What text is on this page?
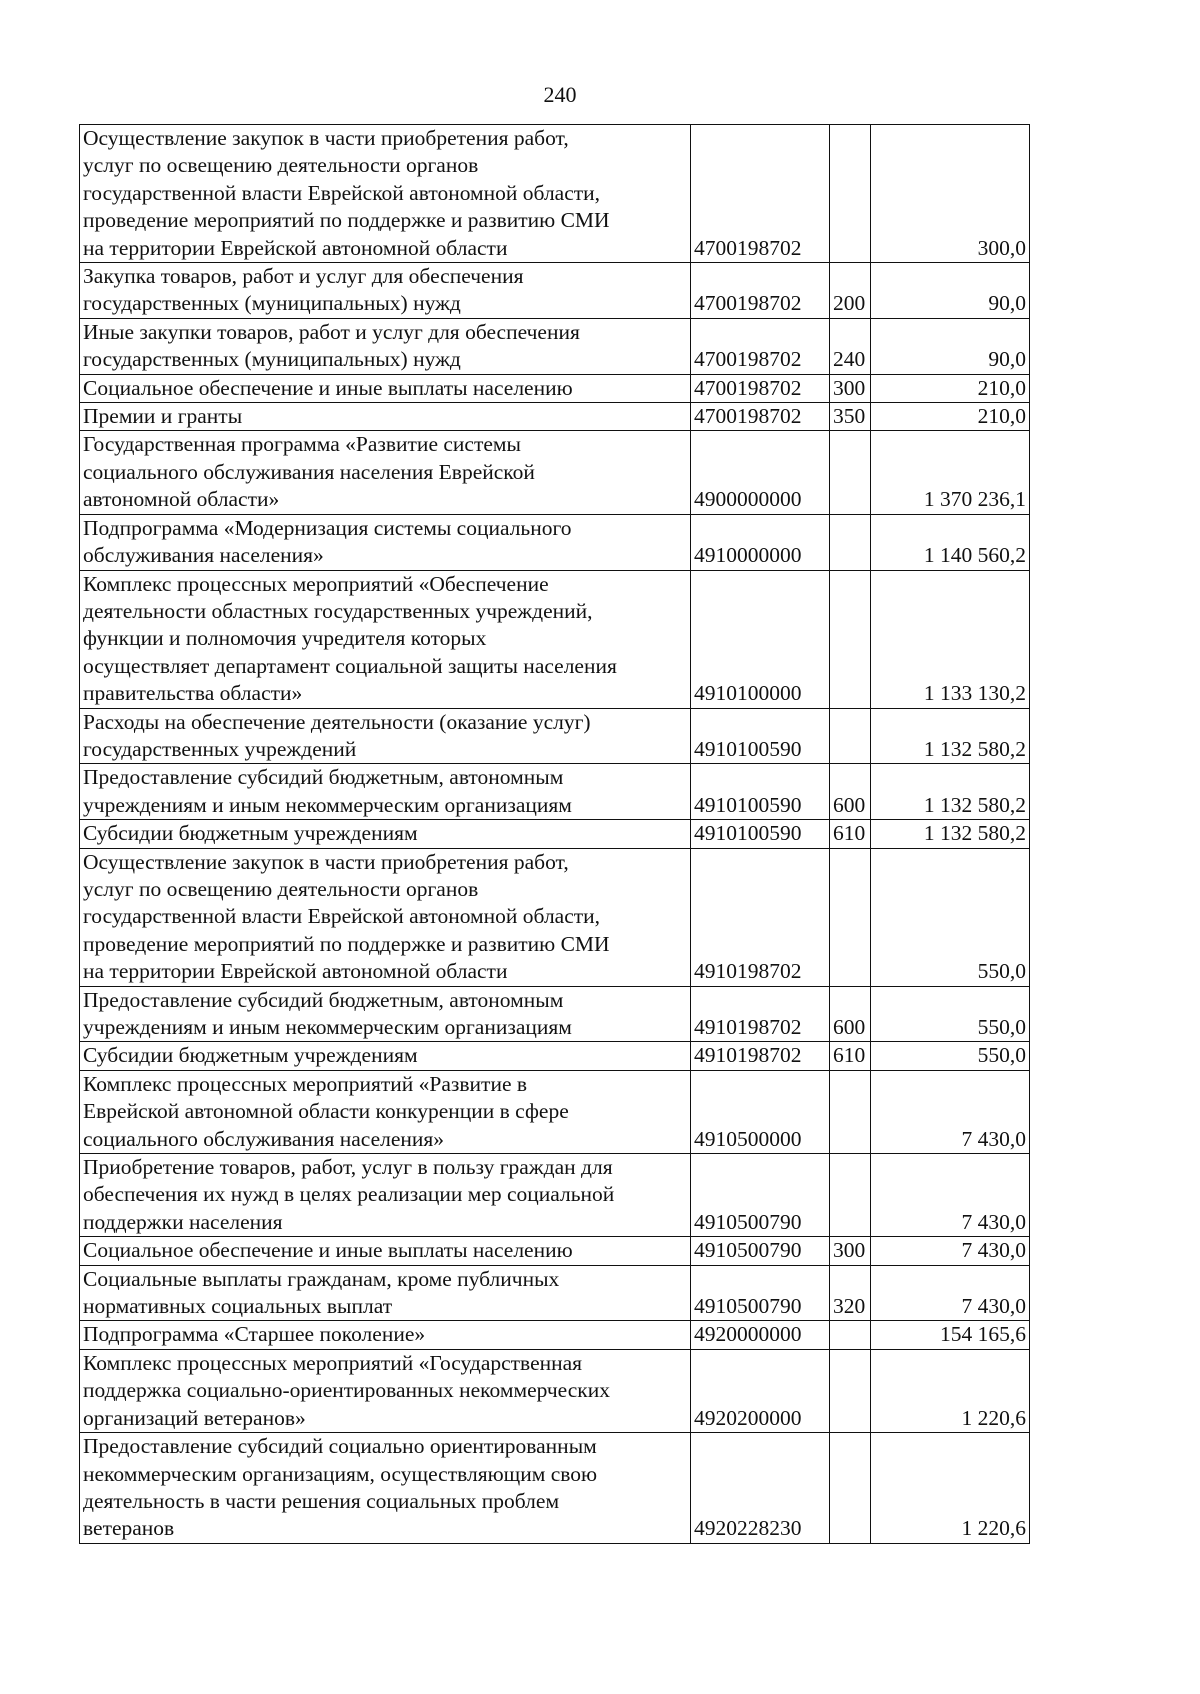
240
Осуществление закупок в части приобретения работ,
услуг по освещению деятельности органов
государственной власти Еврейской автономной области,
проведение мероприятий по поддержке и развитию СМИ
на территории Еврейской автономной области	4700198702		300,0

Закупка товаров, работ и услуг для обеспечения
государственных (муниципальных) нужд	4700198702	200	90,0

Иные закупки товаров, работ и услуг для обеспечения
государственных (муниципальных) нужд	4700198702	240	90,0

Социальное обеспечение и иные выплаты населению	4700198702	300	210,0

Премии и гранты	4700198702	350	210,0

Государственная программа «Развитие системы
социального обслуживания населения Еврейской
автономной области»	4900000000		1 370 236,1

Подпрограмма «Модернизация системы социального
обслуживания населения»	4910000000		1 140 560,2

Комплекс процессных мероприятий «Обеспечение
деятельности областных государственных учреждений,
функции и полномочия учредителя которых
осуществляет департамент социальной защиты населения
правительства области»	4910100000		1 133 130,2

Расходы на обеспечение деятельности (оказание услуг)
государственных учреждений	4910100590		1 132 580,2

Предоставление субсидий бюджетным, автономным
учреждениям и иным некоммерческим организациям	4910100590	600	1 132 580,2

Субсидии бюджетным учреждениям	4910100590	610	1 132 580,2

Осуществление закупок в части приобретения работ,
услуг по освещению деятельности органов
государственной власти Еврейской автономной области,
проведение мероприятий по поддержке и развитию СМИ
на территории Еврейской автономной области	4910198702		550,0

Предоставление субсидий бюджетным, автономным
учреждениям и иным некоммерческим организациям	4910198702	600	550,0

Субсидии бюджетным учреждениям	4910198702	610	550,0

Комплекс процессных мероприятий «Развитие в
Еврейской автономной области конкуренции в сфере
социального обслуживания населения»	4910500000		7 430,0

Приобретение товаров, работ, услуг в пользу граждан для
обеспечения их нужд в целях реализации мер социальной
поддержки населения	4910500790		7 430,0

Социальное обеспечение и иные выплаты населению	4910500790	300	7 430,0

Социальные выплаты гражданам, кроме публичных
нормативных социальных выплат	4910500790	320	7 430,0

Подпрограмма «Старшее поколение»	4920000000		154 165,6

Комплекс процессных мероприятий «Государственная
поддержка социально-ориентированных некоммерческих
организаций ветеранов»	4920200000		1 220,6

Предоставление субсидий социально ориентированным
некоммерческим организациям, осуществляющим свою
деятельность в части решения социальных проблем
ветеранов	4920228230		1 220,6
